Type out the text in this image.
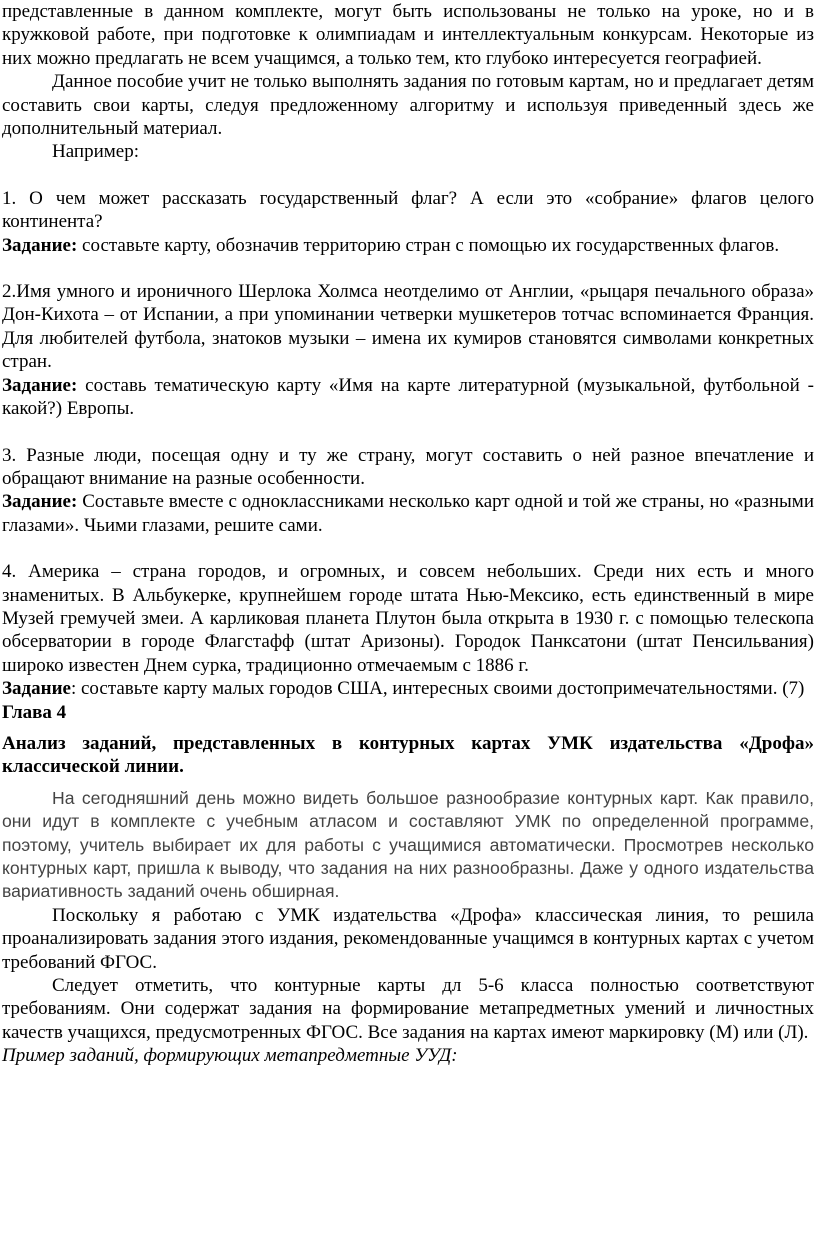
представленные в данном комплекте, могут быть использованы не только на уроке, но и в кружковой работе, при подготовке к олимпиадам и интеллектуальным конкурсам. Некоторые из них можно предлагать не всем учащимся, а только тем, кто глубоко интересуется географией.

Данное пособие учит не только выполнять задания по готовым картам, но и предлагает детям составить свои карты, следуя предложенному алгоритму и используя приведенный здесь же дополнительный материал.

Например:

1. О чем может рассказать государственный флаг? А если это «собрание» флагов целого континента?

Задание: составьте карту, обозначив территорию стран с помощью их государственных флагов.

2.Имя умного и ироничного Шерлока Холмса неотделимо от Англии, «рыцаря печального образа» Дон-Кихота – от Испании, а при упоминании четверки мушкетеров тотчас вспоминается Франция. Для любителей футбола, знатоков музыки – имена их кумиров становятся символами конкретных стран.

Задание: составь тематическую карту «Имя на карте литературной (музыкальной, футбольной - какой?) Европы.

3. Разные люди, посещая одну и ту же страну, могут составить о ней разное впечатление и обращают внимание на разные особенности.

Задание: Составьте вместе с одноклассниками несколько карт одной и той же страны, но «разными глазами». Чьими глазами, решите сами.

4. Америка – страна городов, и огромных, и совсем небольших. Среди них есть и много знаменитых. В Альбукерке, крупнейшем городе штата Нью-Мексико, есть единственный в мире Музей гремучей змеи. А карликовая планета Плутон была открыта в 1930 г. с помощью телескопа обсерватории в городе Флагстафф (штат Аризоны). Городок Панксатони (штат Пенсильвания) широко известен Днем сурка, традиционно отмечаемым с 1886 г.

Задание: составьте карту малых городов США, интересных своими достопримечательностями. (7)

Глава 4

Анализ заданий, представленных в контурных картах УМК издательства «Дрофа» классической линии.

На сегодняшний день можно видеть большое разнообразие контурных карт. Как правило, они идут в комплекте с учебным атласом и составляют УМК по определенной программе, поэтому, учитель выбирает их для работы с учащимися автоматически. Просмотрев несколько контурных карт, пришла к выводу, что задания на них разнообразны. Даже у одного издательства вариативность заданий очень обширная.

Поскольку я работаю с УМК издательства «Дрофа» классическая линия, то решила проанализировать задания этого издания, рекомендованные учащимся в контурных картах с учетом требований ФГОС.

Следует отметить, что контурные карты дл 5-6 класса полностью соответствуют требованиям. Они содержат задания на формирование метапредметных умений и личностных качеств учащихся, предусмотренных ФГОС. Все задания на картах имеют маркировку (М) или (Л).

Пример заданий, формирующих метапредметные УУД:
